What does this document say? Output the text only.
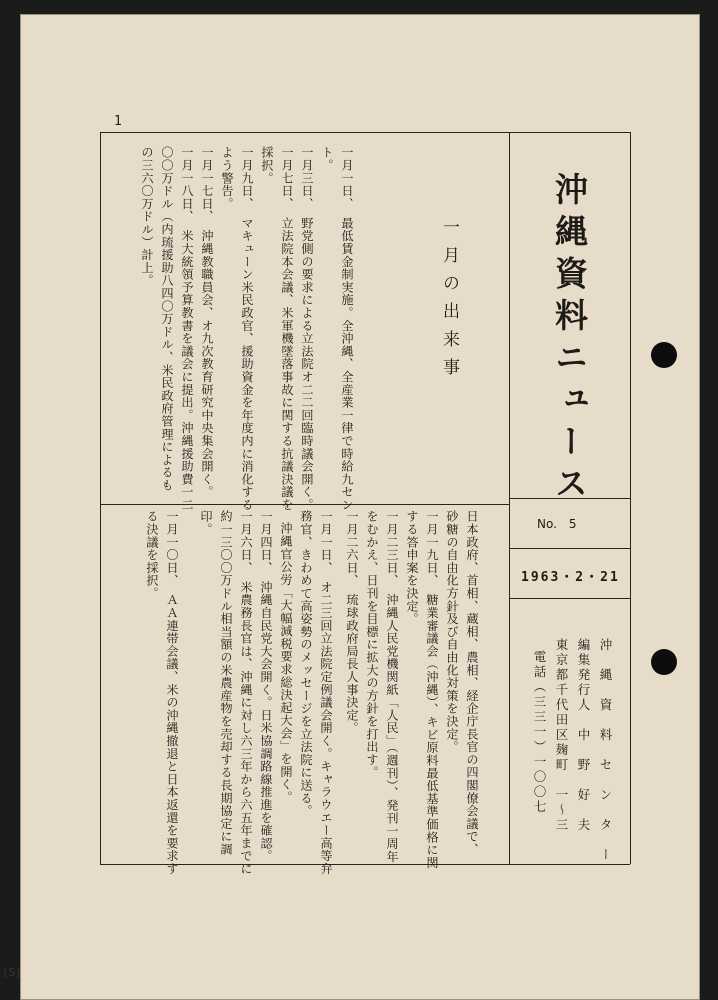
1
[5]
沖縄資料ニュース
No.　5
1963・2・21
沖　縄　資　料　セ　ン　タ　ー
編集発行人　中　野　好　夫
東京都千代田区麹町　一〜三
電話（三三一）一〇〇七
一月の出来事
一月一日、　最低賃金制実施。全沖縄、全産業一律で時給九セン
ト。
一月三日、　野党側の要求による立法院オ二二回臨時議会開く。
一月七日、　立法院本会議、米軍機墜落事故に関する抗議決議を
採択。
一月九日、　マキューン米民政官、援助資金を年度内に消化する
よう警告。
一月一七日、　沖縄教職員会、オ九次教育研究中央集会開く。
一月一八日、　米大統領予算教書を議会に提出。沖縄援助費一二
〇〇万ドル（内琉援助八四〇万ドル、米民政府管理によるも
の三六〇万ドル）計上。
日本政府、首相、蔵相、農相、経企庁長官の四閣僚会議で、
砂糖の自由化方針及び自由化対策を決定。
一月一九日、　糖業審議会（沖縄）、キビ原料最低基準価格に関
する答申案を決定。
一月二三日、　沖縄人民党機関紙「人民」（週刊）、発刊一周年
をむかえ、日刊を目標に拡大の方針を打出す。
一月二六日、　琉球政府局長人事決定。
一月一日、　オ二三回立法院定例議会開く。キャラウエー高等弁
務官、きわめて高姿勢のメッセージを立法院に送る。
沖縄官公労「大幅減税要求総決起大会」を開く。
一月四日、　沖縄自民党大会開く。日米協調路線推進を確認。
一月六日、　米農務長官は、沖縄に対し六三年から六五年までに
約一三〇〇万ドル相当額の米農産物を売却する長期協定に調
印。
一月一〇日、　ＡＡ連帯会議、米の沖縄撤退と日本返還を要求す
る決議を採択。
